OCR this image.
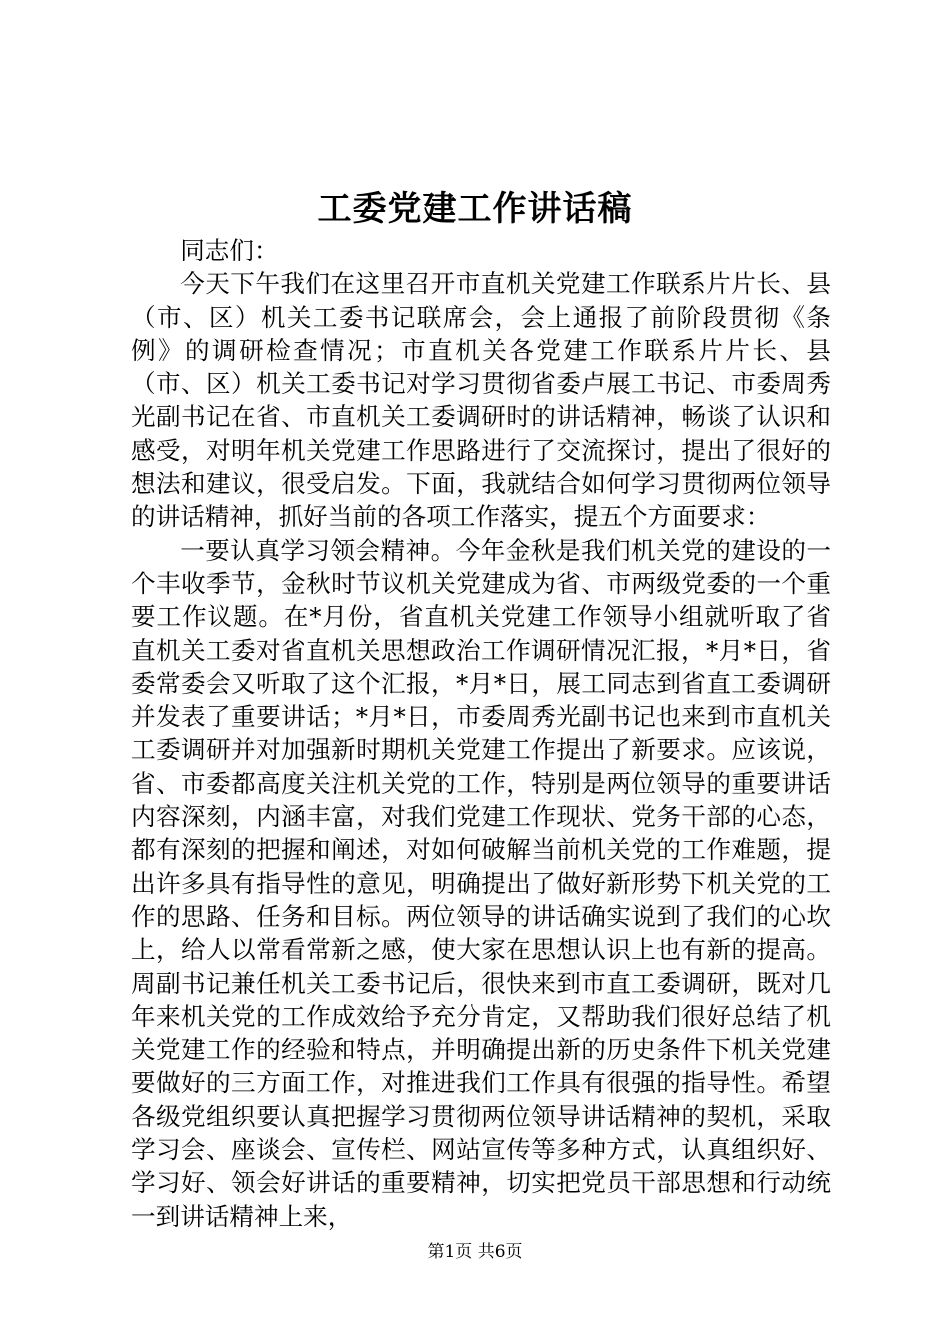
工委党建工作讲话稿

同志们：

今天下午我们在这里召开市直机关党建工作联系片片长、县（市、区）机关工委书记联席会，会上通报了前阶段贯彻《条例》的调研检查情况；市直机关各党建工作联系片片长、县（市、区）机关工委书记对学习贯彻省委卢展工书记、市委周秀光副书记在省、市直机关工委调研时的讲话精神，畅谈了认识和感受，对明年机关党建工作思路进行了交流探讨，提出了很好的想法和建议，很受启发。下面，我就结合如何学习贯彻两位领导的讲话精神，抓好当前的各项工作落实，提五个方面要求：

一要认真学习领会精神。今年金秋是我们机关党的建设的一个丰收季节，金秋时节议机关党建成为省、市两级党委的一个重要工作议题。在*月份，省直机关党建工作领导小组就听取了省直机关工委对省直机关思想政治工作调研情况汇报，*月*日，省委常委会又听取了这个汇报，*月*日，展工同志到省直工委调研并发表了重要讲话；*月*日，市委周秀光副书记也来到市直机关工委调研并对加强新时期机关党建工作提出了新要求。应该说，省、市委都高度关注机关党的工作，特别是两位领导的重要讲话内容深刻，内涵丰富，对我们党建工作现状、党务干部的心态，都有深刻的把握和阐述，对如何破解当前机关党的工作难题，提出许多具有指导性的意见，明确提出了做好新形势下机关党的工作的思路、任务和目标。两位领导的讲话确实说到了我们的心坎上，给人以常看常新之感，使大家在思想认识上也有新的提高。周副书记兼任机关工委书记后，很快来到市直工委调研，既对几年来机关党的工作成效给予充分肯定，又帮助我们很好总结了机关党建工作的经验和特点，并明确提出新的历史条件下机关党建要做好的三方面工作，对推进我们工作具有很强的指导性。希望各级党组织要认真把握学习贯彻两位领导讲话精神的契机，采取学习会、座谈会、宣传栏、网站宣传等多种方式，认真组织好、学习好、领会好讲话的重要精神，切实把党员干部思想和行动统一到讲话精神上来，

第1页 共6页
